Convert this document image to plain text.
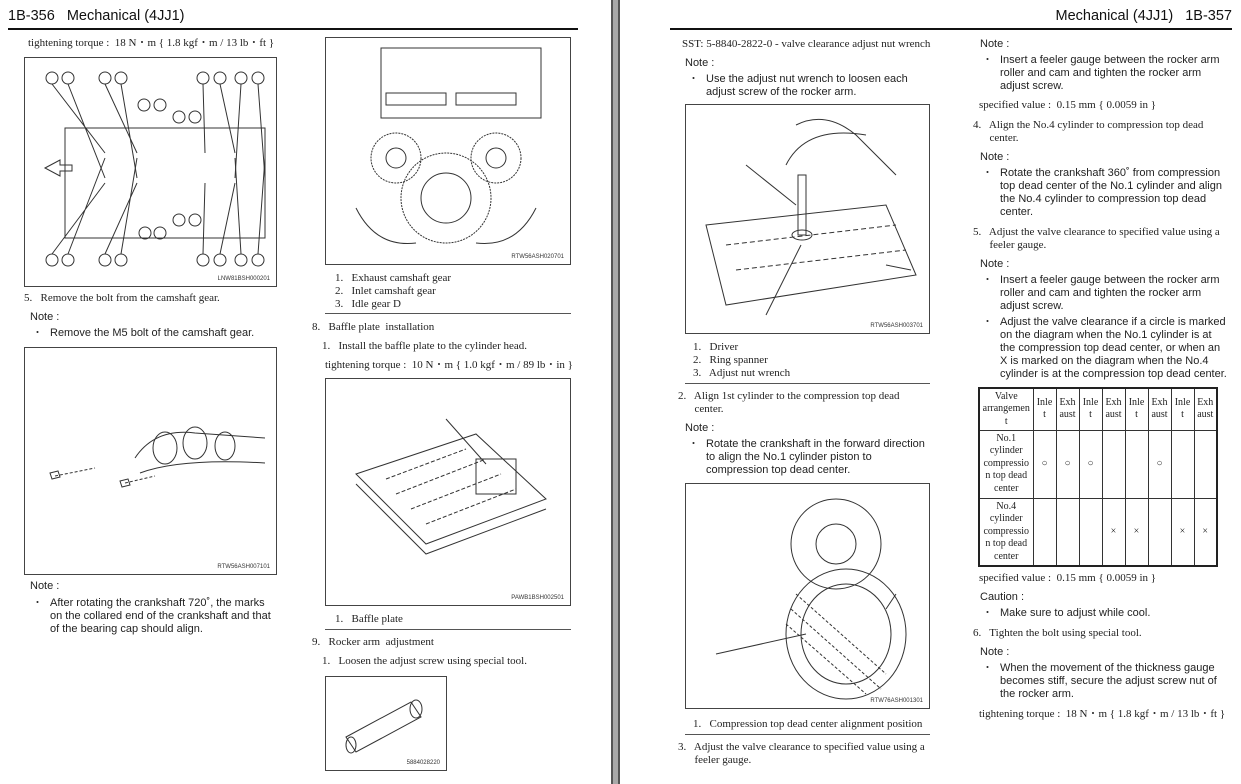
1B-356   Mechanical (4JJ1)
tightening torque :  18 N・m { 1.8 kgf・m / 13 lb・ft }
LNW81BSH000201
5.   Remove the bolt from the camshaft gear.
Note :
・ Remove the M5 bolt of the camshaft gear.
RTW56ASH007101
Note :
・ After rotating the crankshaft 720˚, the marks
on the collared end of the crankshaft and that
of the bearing cap should align.
RTW56ASH020701
1.   Exhaust camshaft gear
2.   Inlet camshaft gear
3.   Idle gear D
8.   Baffle plate  installation
1.   Install the baffle plate to the cylinder head.
tightening torque :  10 N・m { 1.0 kgf・m / 89 lb・in }
PAWB1BSH002501
1.   Baffle plate
9.   Rocker arm  adjustment
1.   Loosen the adjust screw using special tool.
5884028220
Mechanical (4JJ1)   1B-357
SST: 5-8840-2822-0 - valve clearance adjust nut wrench
Note :
・ Use the adjust nut wrench to loosen each
adjust screw of the rocker arm.
RTW56ASH003701
1.   Driver
2.   Ring spanner
3.   Adjust nut wrench
2.   Align 1st cylinder to the compression top dead
center.
Note :
・ Rotate the crankshaft in the forward direction
to align the No.1 cylinder piston to
compression top dead center.
RTW76ASH001301
1.   Compression top dead center alignment position
3.   Adjust the valve clearance to specified value using a
feeler gauge.
Note :
・ Insert a feeler gauge between the rocker arm
roller and cam and tighten the rocker arm
adjust screw.
specified value :  0.15 mm { 0.0059 in }
4.   Align the No.4 cylinder to compression top dead
center.
Note :
・ Rotate the crankshaft 360˚ from compression
top dead center of the No.1 cylinder and align
the No.4 cylinder to compression top dead
center.
5.   Adjust the valve clearance to specified value using a
feeler gauge.
Note :
・ Insert a feeler gauge between the rocker arm
roller and cam and tighten the rocker arm
adjust screw.
・ Adjust the valve clearance if a circle is marked
on the diagram when the No.1 cylinder is at
the compression top dead center, or when an
X is marked on the diagram when the No.4
cylinder is at the compression top dead center.
Valve
arrangemen
t	Inle
t	Exh
aust	Inle
t	Exh
aust	Inle
t	Exh
aust	Inle
t	Exh
aust
No.1
cylinder
compressio
n top dead
center	○	○	○			○		
No.4
cylinder
compressio
n top dead
center				×	×		×	×
specified value :  0.15 mm { 0.0059 in }
Caution :
・ Make sure to adjust while cool.
6.   Tighten the bolt using special tool.
Note :
・ When the movement of the thickness gauge
becomes stiff, secure the adjust screw nut of
the rocker arm.
tightening torque :  18 N・m { 1.8 kgf・m / 13 lb・ft }
